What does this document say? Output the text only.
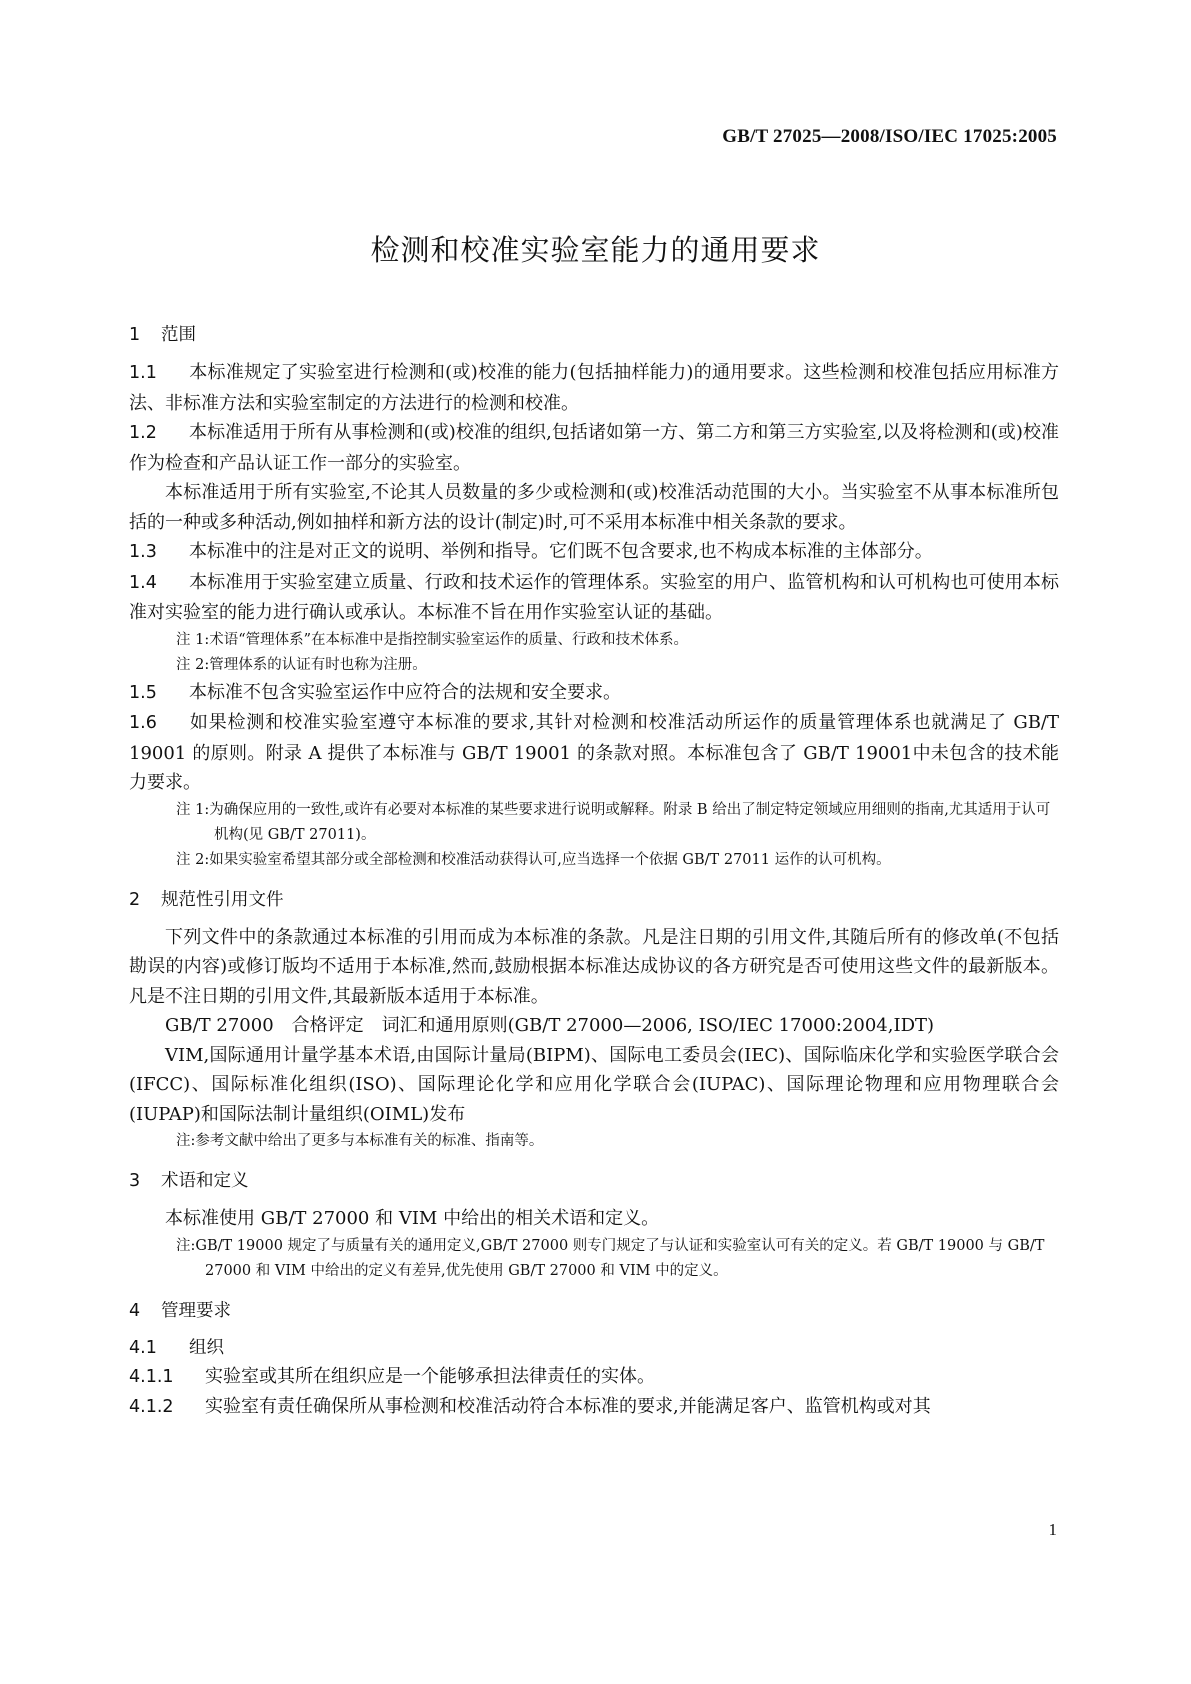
GB/T 27025—2008/ISO/IEC 17025:2005
检测和校准实验室能力的通用要求
1 范围

1.1 本标准规定了实验室进行检测和(或)校准的能力(包括抽样能力)的通用要求。这些检测和校准包括应用标准方法、非标准方法和实验室制定的方法进行的检测和校准。

1.2 本标准适用于所有从事检测和(或)校准的组织,包括诸如第一方、第二方和第三方实验室,以及将检测和(或)校准作为检查和产品认证工作一部分的实验室。

本标准适用于所有实验室,不论其人员数量的多少或检测和(或)校准活动范围的大小。当实验室不从事本标准所包括的一种或多种活动,例如抽样和新方法的设计(制定)时,可不采用本标准中相关条款的要求。

1.3 本标准中的注是对正文的说明、举例和指导。它们既不包含要求,也不构成本标准的主体部分。

1.4 本标准用于实验室建立质量、行政和技术运作的管理体系。实验室的用户、监管机构和认可机构也可使用本标准对实验室的能力进行确认或承认。本标准不旨在用作实验室认证的基础。

注 1:术语“管理体系”在本标准中是指控制实验室运作的质量、行政和技术体系。

注 2:管理体系的认证有时也称为注册。

1.5 本标准不包含实验室运作中应符合的法规和安全要求。

1.6 如果检测和校准实验室遵守本标准的要求,其针对检测和校准活动所运作的质量管理体系也就满足了 GB/T 19001 的原则。附录 A 提供了本标准与 GB/T 19001 的条款对照。本标准包含了 GB/T 19001中未包含的技术能力要求。

注 1:为确保应用的一致性,或许有必要对本标准的某些要求进行说明或解释。附录 B 给出了制定特定领域应用细则的指南,尤其适用于认可机构(见 GB/T 27011)。

注 2:如果实验室希望其部分或全部检测和校准活动获得认可,应当选择一个依据 GB/T 27011 运作的认可机构。

2 规范性引用文件

下列文件中的条款通过本标准的引用而成为本标准的条款。凡是注日期的引用文件,其随后所有的修改单(不包括勘误的内容)或修订版均不适用于本标准,然而,鼓励根据本标准达成协议的各方研究是否可使用这些文件的最新版本。凡是不注日期的引用文件,其最新版本适用于本标准。

GB/T 27000　合格评定　词汇和通用原则(GB/T 27000—2006, ISO/IEC 17000:2004,IDT)

VIM,国际通用计量学基本术语,由国际计量局(BIPM)、国际电工委员会(IEC)、国际临床化学和实验医学联合会(IFCC)、国际标准化组织(ISO)、国际理论化学和应用化学联合会(IUPAC)、国际理论物理和应用物理联合会(IUPAP)和国际法制计量组织(OIML)发布

注:参考文献中给出了更多与本标准有关的标准、指南等。

3 术语和定义

本标准使用 GB/T 27000 和 VIM 中给出的相关术语和定义。

注:GB/T 19000 规定了与质量有关的通用定义,GB/T 27000 则专门规定了与认证和实验室认可有关的定义。若 GB/T 19000 与 GB/T 27000 和 VIM 中给出的定义有差异,优先使用 GB/T 27000 和 VIM 中的定义。

4 管理要求
4.1 组织

4.1.1 实验室或其所在组织应是一个能够承担法律责任的实体。

4.1.2 实验室有责任确保所从事检测和校准活动符合本标准的要求,并能满足客户、监管机构或对其

1
